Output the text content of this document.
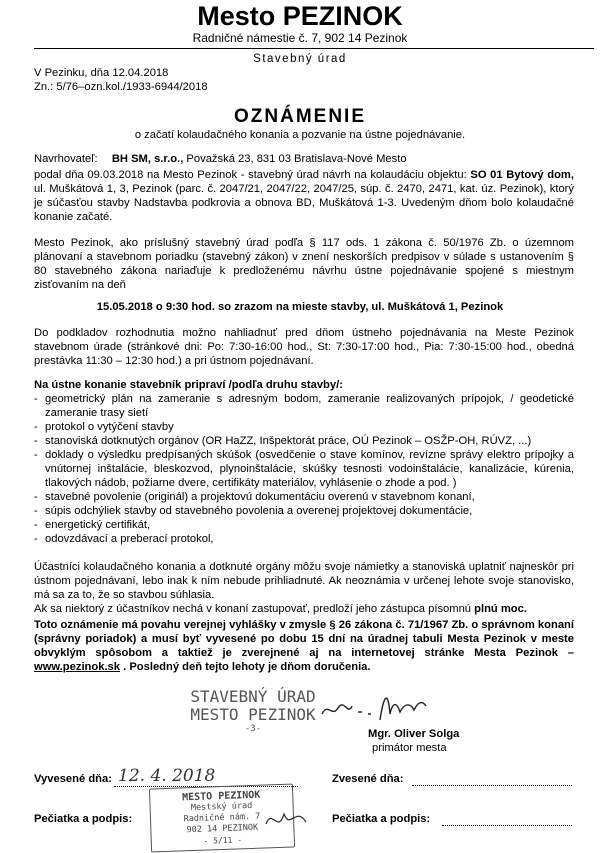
Mesto PEZINOK
Radničné námestie č. 7, 902 14 Pezinok
Stavebný úrad
V Pezinku, dňa 12.04.2018
Zn.: 5/76–ozn.kol./1933-6944/2018
OZNÁMENIE
o začatí kolaudačného konania a pozvanie na ústne pojednávanie.
Navrhovateľ: BH SM, s.r.o., Považská 23, 831 03 Bratislava-Nové Mesto

podal dňa 09.03.2018 na Mesto Pezinok - stavebný úrad návrh na kolaudáciu objektu: SO 01 Bytový dom, ul. Muškátová 1, 3, Pezinok (parc. č. 2047/21, 2047/22, 2047/25, súp. č. 2470, 2471, kat. úz. Pezinok), ktorý je súčasťou stavby Nadstavba podkrovia a obnova BD, Muškátová 1-3. Uvedeným dňom bolo kolaudačné konanie začaté.

Mesto Pezinok, ako príslušný stavebný úrad podľa § 117 ods. 1 zákona č. 50/1976 Zb. o územnom plánovaní a stavebnom poriadku (stavebný zákon) v znení neskorších predpisov v súlade s ustanovením § 80 stavebného zákona nariaďuje k predloženému návrhu ústne pojednávanie spojené s miestnym zisťovaním na deň

15.05.2018 o 9:30 hod. so zrazom na mieste stavby, ul. Muškátová 1, Pezinok

Do podkladov rozhodnutia možno nahliadnuť pred dňom ústneho pojednávania na Meste Pezinok stavebnom úrade (stránkové dni: Po: 7:30-16:00 hod., St: 7:30-17:00 hod., Pia: 7:30-15:00 hod., obedná prestávka 11:30 – 12:30 hod.) a pri ústnom pojednávaní.

Na ústne konanie stavebník pripraví /podľa druhu stavby/:
- geometrický plán na zameranie s adresným bodom, zameranie realizovaných prípojok, / geodetické zameranie trasy sietí
- protokol o vytýčení stavby
- stanoviská dotknutých orgánov (OR HaZZ, Inšpektorát práce, OÚ Pezinok – OSŽP-OH, RÚVZ, ...)
- doklady o výsledku predpísaných skúšok (osvedčenie o stave komínov, revízne správy elektro prípojky a vnútornej inštalácie, bleskozvod, plynoinštalácie, skúšky tesnosti vodoinštalácie, kanalizácie, kúrenia, tlakových nádob, požiarne dvere, certifikáty materiálov, vyhlásenie o zhode a pod. )
- stavebné povolenie (originál) a projektovú dokumentáciu overenú v stavebnom konaní,
- súpis odchýliek stavby od stavebného povolenia a overenej projektovej dokumentácie,
- energetický certifikát,
- odovzdávací a preberací protokol,

Účastníci kolaudačného konania a dotknuté orgány môžu svoje námietky a stanoviská uplatniť najneskôr pri ústnom pojednávaní, lebo inak k ním nebude prihliadnuté. Ak neoznámia v určenej lehote svoje stanovisko, má sa za to, že so stavbou súhlasia.

Ak sa niektorý z účastníkov nechá v konaní zastupovať, predloží jeho zástupca písomnú plnú moc.

Toto oznámenie má povahu verejnej vyhlášky v zmysle § 26 zákona č. 71/1967 Zb. o správnom konaní (správny poriadok) a musí byť vyvesené po dobu 15 dní na úradnej tabuli Mesta Pezinok v meste obvyklým spôsobom a taktiež je zverejnené aj na internetovej stránke Mesta Pezinok – www.pezinok.sk . Posledný deň tejto lehoty je dňom doručenia.

STAVEBNÝ ÚRAD
MESTO PEZINOK
-3-	Mgr. Oliver Solga
primátor mesta
Vyvesené dňa: 12. 4. 2018	Zvesené dňa:
Pečiatka a podpis:	Pečiatka a podpis:
MESTO PEZINOK
Mestský úrad
Radničné nám. 7
902 14 PEZINOK
- 5/11 -
